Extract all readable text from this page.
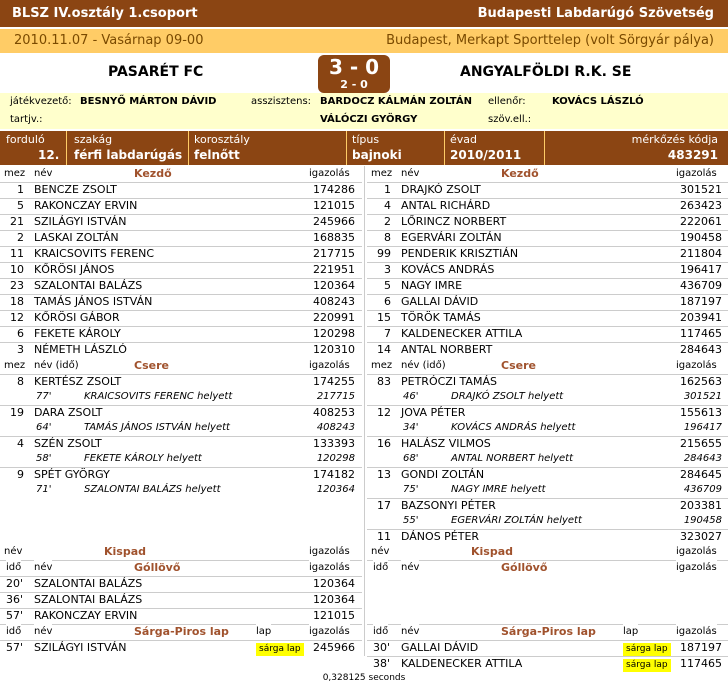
BLSZ IV.osztály 1.csoport	Budapesti Labdarúgó Szövetség
2010.11.07 - Vasárnap 09-00	Budapest, Merkapt Sporttelep (volt Sörgyár pálya)
PASARÉT FC	3 - 0
2 - 0
ANGYALFÖLDI R.K. SE
játékvezető: BESNYŐ MÁRTON DÁVID	asszisztens: BARDOCZ KÁLMÁN ZOLTÁN
VÁLÓCZI GYÖRGY
ellenőr:	KOVÁCS LÁSZLÓ
tartjv.:	szöv.ell.:
forduló
12.
szakág
férfi labdarúgás
korosztály
felnőtt
típus
bajnoki
évad
2010/2011
mérkőzés kódja
483291
mez név	Kezdő	igazolás
1 BENCZE ZSOLT	174286
5 RAKONCZAY ERVIN	121015
21 SZILÁGYI ISTVÁN	245966
2 LASKAI ZOLTÁN	168835
11 KRAICSOVITS FERENC	217715
10 KŐRÖSI JÁNOS	221951
23 SZALONTAI BALÁZS	120364
18 TAMÁS JÁNOS ISTVÁN	408243
12 KŐRÖSI GÁBOR	220991
6 FEKETE KÁROLY	120298
3 NÉMETH LÁSZLÓ	120310
mez név (idő)	Csere	igazolás
8 KERTÉSZ ZSOLT	174255
77'	KRAICSOVITS FERENC helyett	217715
19 DARA ZSOLT	408253
64'	TAMÁS JÁNOS ISTVÁN helyett	408243
4 SZÉN ZSOLT	133393
58'	FEKETE KÁROLY helyett	120298
9 SPÉT GYÖRGY	174182
71'	SZALONTAI BALÁZS helyett	120364
mez név	Kezdő	igazolás
1 DRAJKÓ ZSOLT	301521
4 ANTAL RICHÁRD	263423
2 LŐRINCZ NORBERT	222061
8 EGERVÁRI ZOLTÁN	190458
99 PENDERIK KRISZTIÁN	211804
3 KOVÁCS ANDRÁS	196417
5 NAGY IMRE	436709
6 GALLAI DÁVID	187197
15 TÖRÖK TAMÁS	203941
7 KALDENECKER ATTILA	117465
14 ANTAL NORBERT	284643
mez név (idő)	Csere	igazolás
83 PETRÓCZI TAMÁS	162563
46'	DRAJKÓ ZSOLT helyett	301521
12 JOVA PÉTER	155613
34'	KOVÁCS ANDRÁS helyett	196417
16 HALÁSZ VILMOS	215655
68'	ANTAL NORBERT helyett	284643
13 GONDI ZOLTÁN	284645
75'	NAGY IMRE helyett	436709
17 BAZSONYI PÉTER	203381
55'	EGERVÁRI ZOLTÁN helyett	190458
11 DÁNOS PÉTER	323027
név	Kispad	igazolás
idő név	Góllövő	igazolás
20' SZALONTAI BALÁZS	120364
36' SZALONTAI BALÁZS	120364
57' RAKONCZAY ERVIN	121015
idő név	Sárga-Piros lap	lap	igazolás
57' SZILÁGYI ISTVÁN	sárga lap	245966
név	Kispad	igazolás
idő név	Góllövő	igazolás
idő név	Sárga-Piros lap	lap	igazolás
30' GALLAI DÁVID	sárga lap	187197
38' KALDENECKER ATTILA	sárga lap	117465
0,328125 seconds
